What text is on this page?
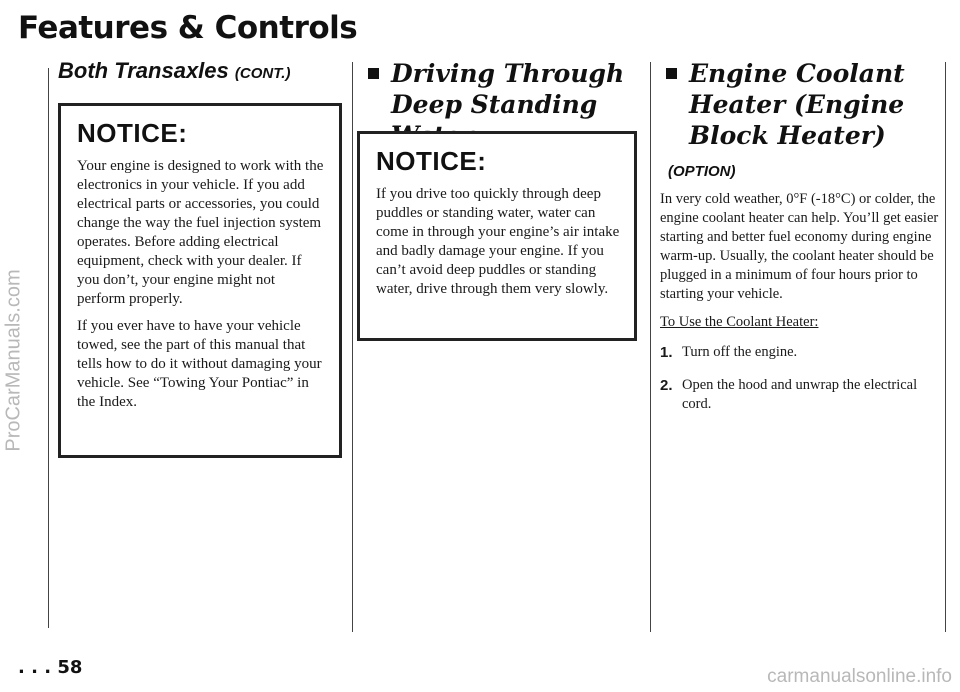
ProCarManuals.com
Features & Controls
Both Transaxles (CONT.)
NOTICE:

Your engine is designed to work with the electronics in your vehicle. If you add electrical parts or accessories, you could change the way the fuel injection system operates. Before adding electrical equipment, check with your dealer. If you don’t, your engine might not perform properly.

If you ever have to have your vehicle towed, see the part of this manual that tells how to do it without damaging your vehicle. See “Towing Your Pontiac” in the Index.

Driving Through Deep Standing
NOTICE:

If you drive too quickly through deep puddles or standing water, water can come in through your engine’s air intake and badly damage your engine. If you can’t avoid deep puddles or standing water, drive through them very slowly.

Engine Coolant Heater (Engine Block Heater)
(OPTION)

In very cold weather, 0°F (-18°C) or colder, the engine coolant heater can help. You’ll get easier starting and better fuel economy during engine warm-up. Usually, the coolant heater should be plugged in a minimum of four hours prior to starting your vehicle.

To Use the Coolant Heater:

1. Turn off the engine.
2. Open the hood and unwrap the electrical cord.
. . . 58	carmanualsonline.info
